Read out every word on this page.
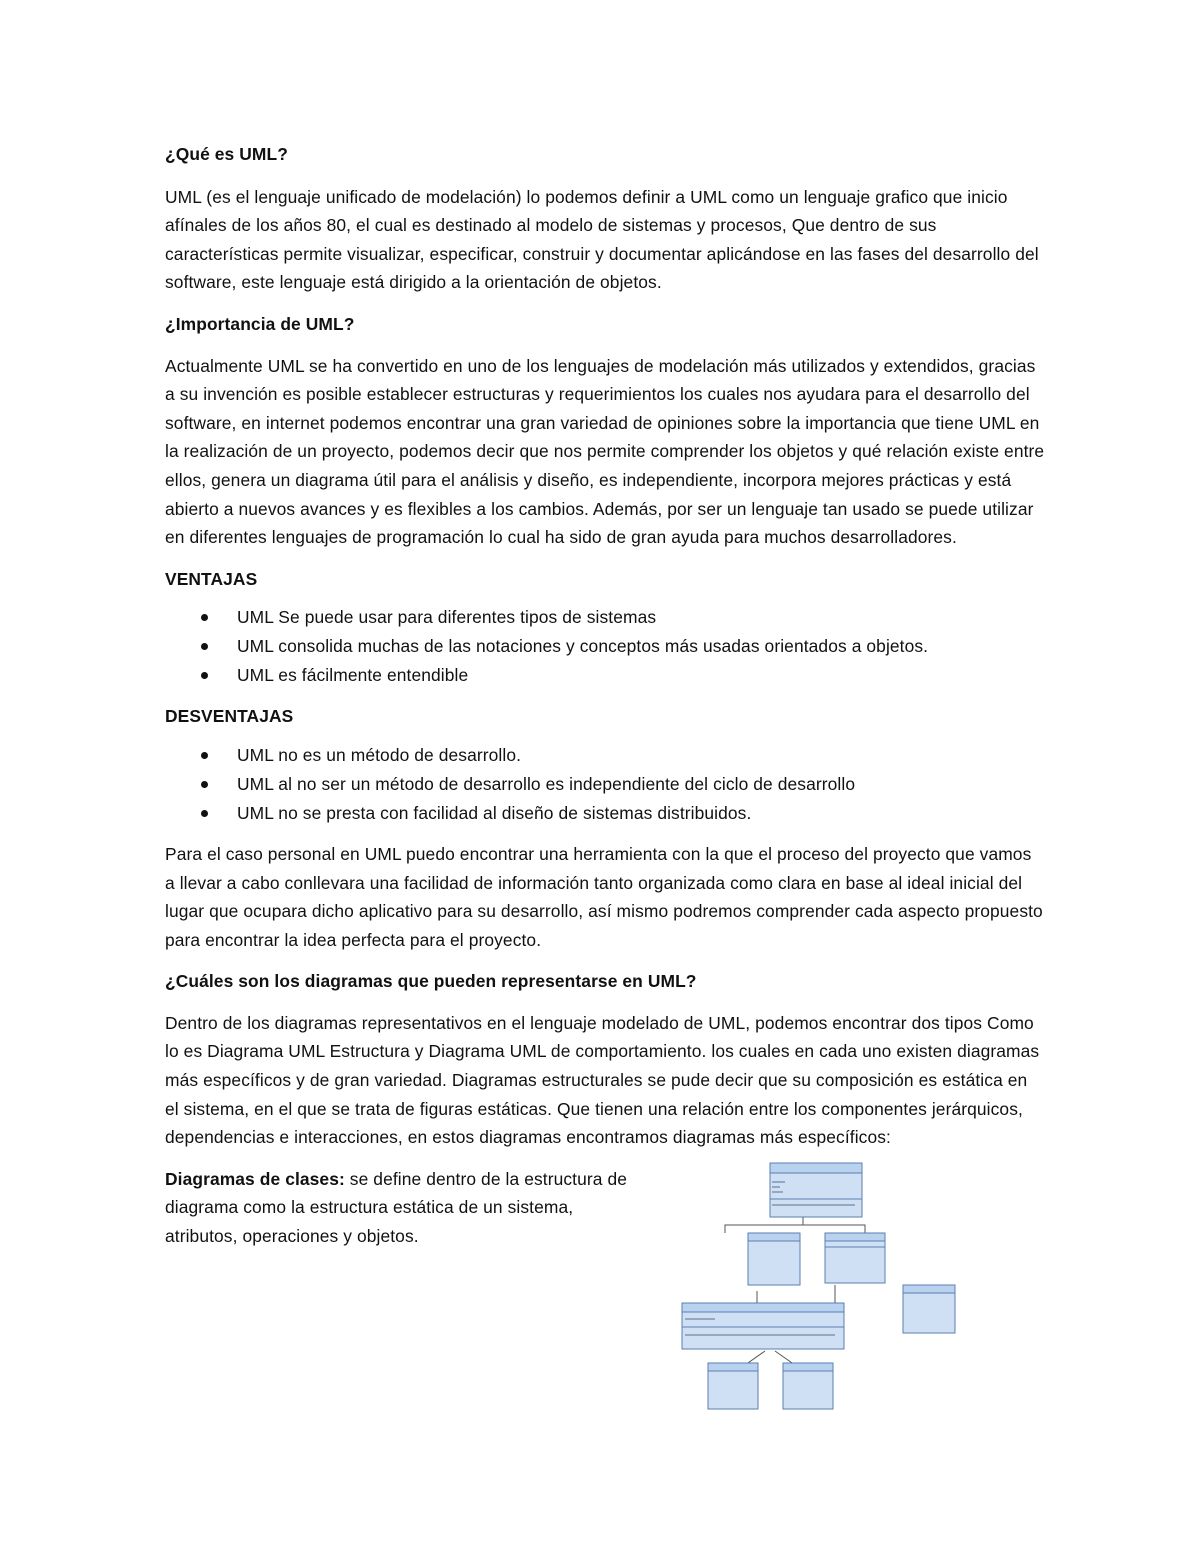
¿Qué es UML?
UML (es el lenguaje unificado de modelación) lo podemos definir a UML como un lenguaje grafico que inicio afínales de los años 80, el cual es destinado al modelo de sistemas y procesos, Que dentro de sus características permite visualizar, especificar, construir y documentar aplicándose en las fases del desarrollo del software, este lenguaje está dirigido a la orientación de objetos.
¿Importancia de UML?
Actualmente UML se ha convertido en uno de los lenguajes de modelación más utilizados y extendidos, gracias a su invención es posible establecer estructuras y requerimientos los cuales nos ayudara para el desarrollo del software, en internet podemos encontrar una gran variedad de opiniones sobre la importancia que tiene UML en la realización de un proyecto, podemos decir que nos permite comprender los objetos y qué relación existe entre ellos, genera un diagrama útil para el análisis y diseño, es independiente, incorpora mejores prácticas y está abierto a nuevos avances y es flexibles a los cambios. Además, por ser un lenguaje tan usado se puede utilizar en diferentes lenguajes de programación lo cual ha sido de gran ayuda para muchos desarrolladores.
VENTAJAS
UML Se puede usar para diferentes tipos de sistemas
UML consolida muchas de las notaciones y conceptos más usadas orientados a objetos.
UML es fácilmente entendible
DESVENTAJAS
UML no es un método de desarrollo.
UML al no ser un método de desarrollo es independiente del ciclo de desarrollo
UML no se presta con facilidad al diseño de sistemas distribuidos.
Para el caso personal en UML puedo encontrar una herramienta con la que el proceso del proyecto que vamos a llevar a cabo conllevara una facilidad de información tanto organizada como clara en base al ideal inicial del lugar que ocupara dicho aplicativo para su desarrollo, así mismo podremos comprender cada aspecto propuesto para encontrar la idea perfecta para el proyecto.
¿Cuáles son los diagramas que pueden representarse en UML?
Dentro de los diagramas representativos en el lenguaje modelado de UML, podemos encontrar dos tipos Como lo es Diagrama UML Estructura y Diagrama UML de comportamiento. los cuales en cada uno existen diagramas más específicos y de gran variedad. Diagramas estructurales se pude decir que su composición es estática en el sistema, en el que se trata de figuras estáticas. Que tienen una relación entre los componentes jerárquicos, dependencias e interacciones, en estos diagramas encontramos diagramas más específicos:
Diagramas de clases: se define dentro de la estructura de diagrama como la estructura estática de un sistema, atributos, operaciones y objetos.
